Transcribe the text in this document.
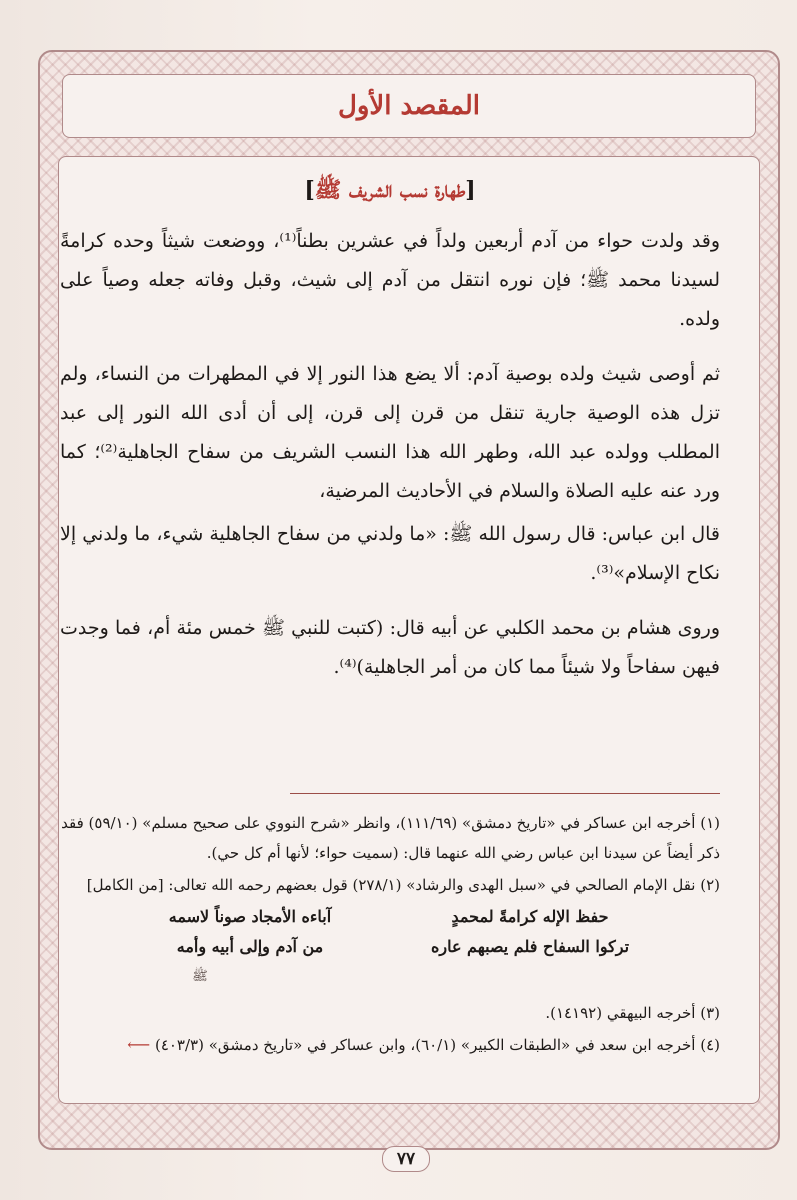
المقصد الأول
[طهارة نسب الشريف ﷺ]

وقد ولدت حواء من آدم أربعين ولداً في عشرين بطناً⁽¹⁾، ووضعت شيثاً وحده كرامةً لسيدنا محمد ﷺ؛ فإن نوره انتقل من آدم إلى شيث، وقبل وفاته جعله وصياً على ولده.

ثم أوصى شيث ولده بوصية آدم: ألا يضع هذا النور إلا في المطهرات من النساء، ولم تزل هذه الوصية جارية تنقل من قرن إلى قرن، إلى أن أدى الله النور إلى عبد المطلب وولده عبد الله، وطهر الله هذا النسب الشريف من سفاح الجاهلية⁽²⁾؛ كما ورد عنه عليه الصلاة والسلام في الأحاديث المرضية،

قال ابن عباس: قال رسول الله ﷺ: «ما ولدني من سفاح الجاهلية شيء، ما ولدني إلا نكاح الإسلام»⁽³⁾.

وروى هشام بن محمد الكلبي عن أبيه قال: (كتبت للنبي ﷺ خمس مئة أم، فما وجدت فيهن سفاحاً ولا شيئاً مما كان من أمر الجاهلية)⁽⁴⁾.

(١) أخرجه ابن عساكر في «تاريخ دمشق» (١١١/٦٩)، وانظر «شرح النووي على صحيح مسلم» (٥٩/١٠) فقد ذكر أيضاً عن سيدنا ابن عباس رضي الله عنهما قال: (سميت حواء؛ لأنها أم كل حي).

(٢) نقل الإمام الصالحي في «سبل الهدى والرشاد» (٢٧٨/١) قول بعضهم رحمه الله تعالى: [من الكامل]

حفظ الإله كرامةً لمحمدٍ
آباءه الأمجاد صوناً لاسمه
تركوا السفاح فلم يصبهم عاره
من آدم وإلى أبيه وأمه
ﷺ

(٣) أخرجه البيهقي (١٤١٩٢).

(٤) أخرجه ابن سعد في «الطبقات الكبير» (٦٠/١)، وابن عساكر في «تاريخ دمشق» (٤٠٣/٣) ⟵

٧٧
